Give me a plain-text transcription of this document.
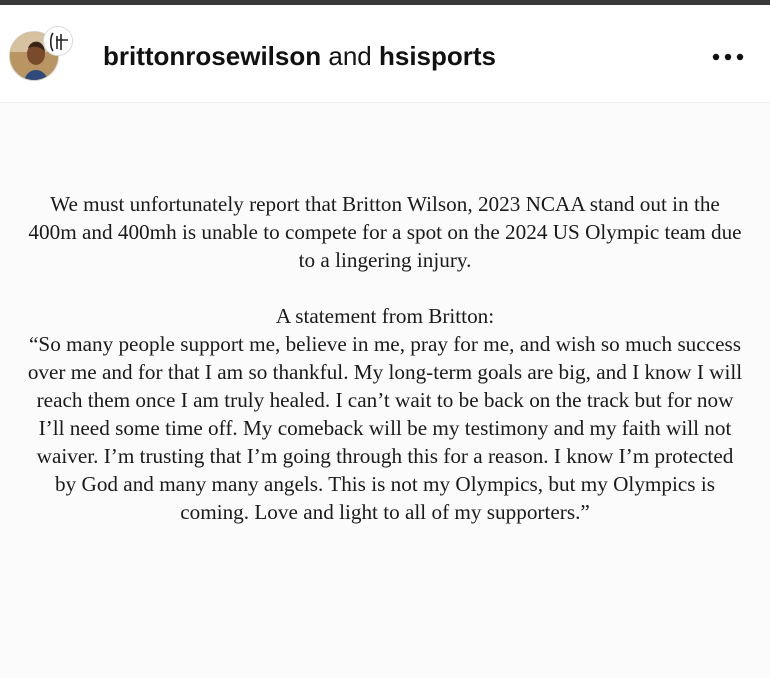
brittonrosewilson and hsisports

We must unfortunately report that Britton Wilson, 2023 NCAA stand out in the 400m and 400mh is unable to compete for a spot on the 2024 US Olympic team due to a lingering injury.

A statement from Britton:

“So many people support me, believe in me, pray for me, and wish so much success over me and for that I am so thankful. My long-term goals are big, and I know I will reach them once I am truly healed. I can’t wait to be back on the track but for now I’ll need some time off. My comeback will be my testimony and my faith will not waiver. I’m trusting that I’m going through this for a reason. I know I’m protected by God and many many angels. This is not my Olympics, but my Olympics is coming. Love and light to all of my supporters.”
